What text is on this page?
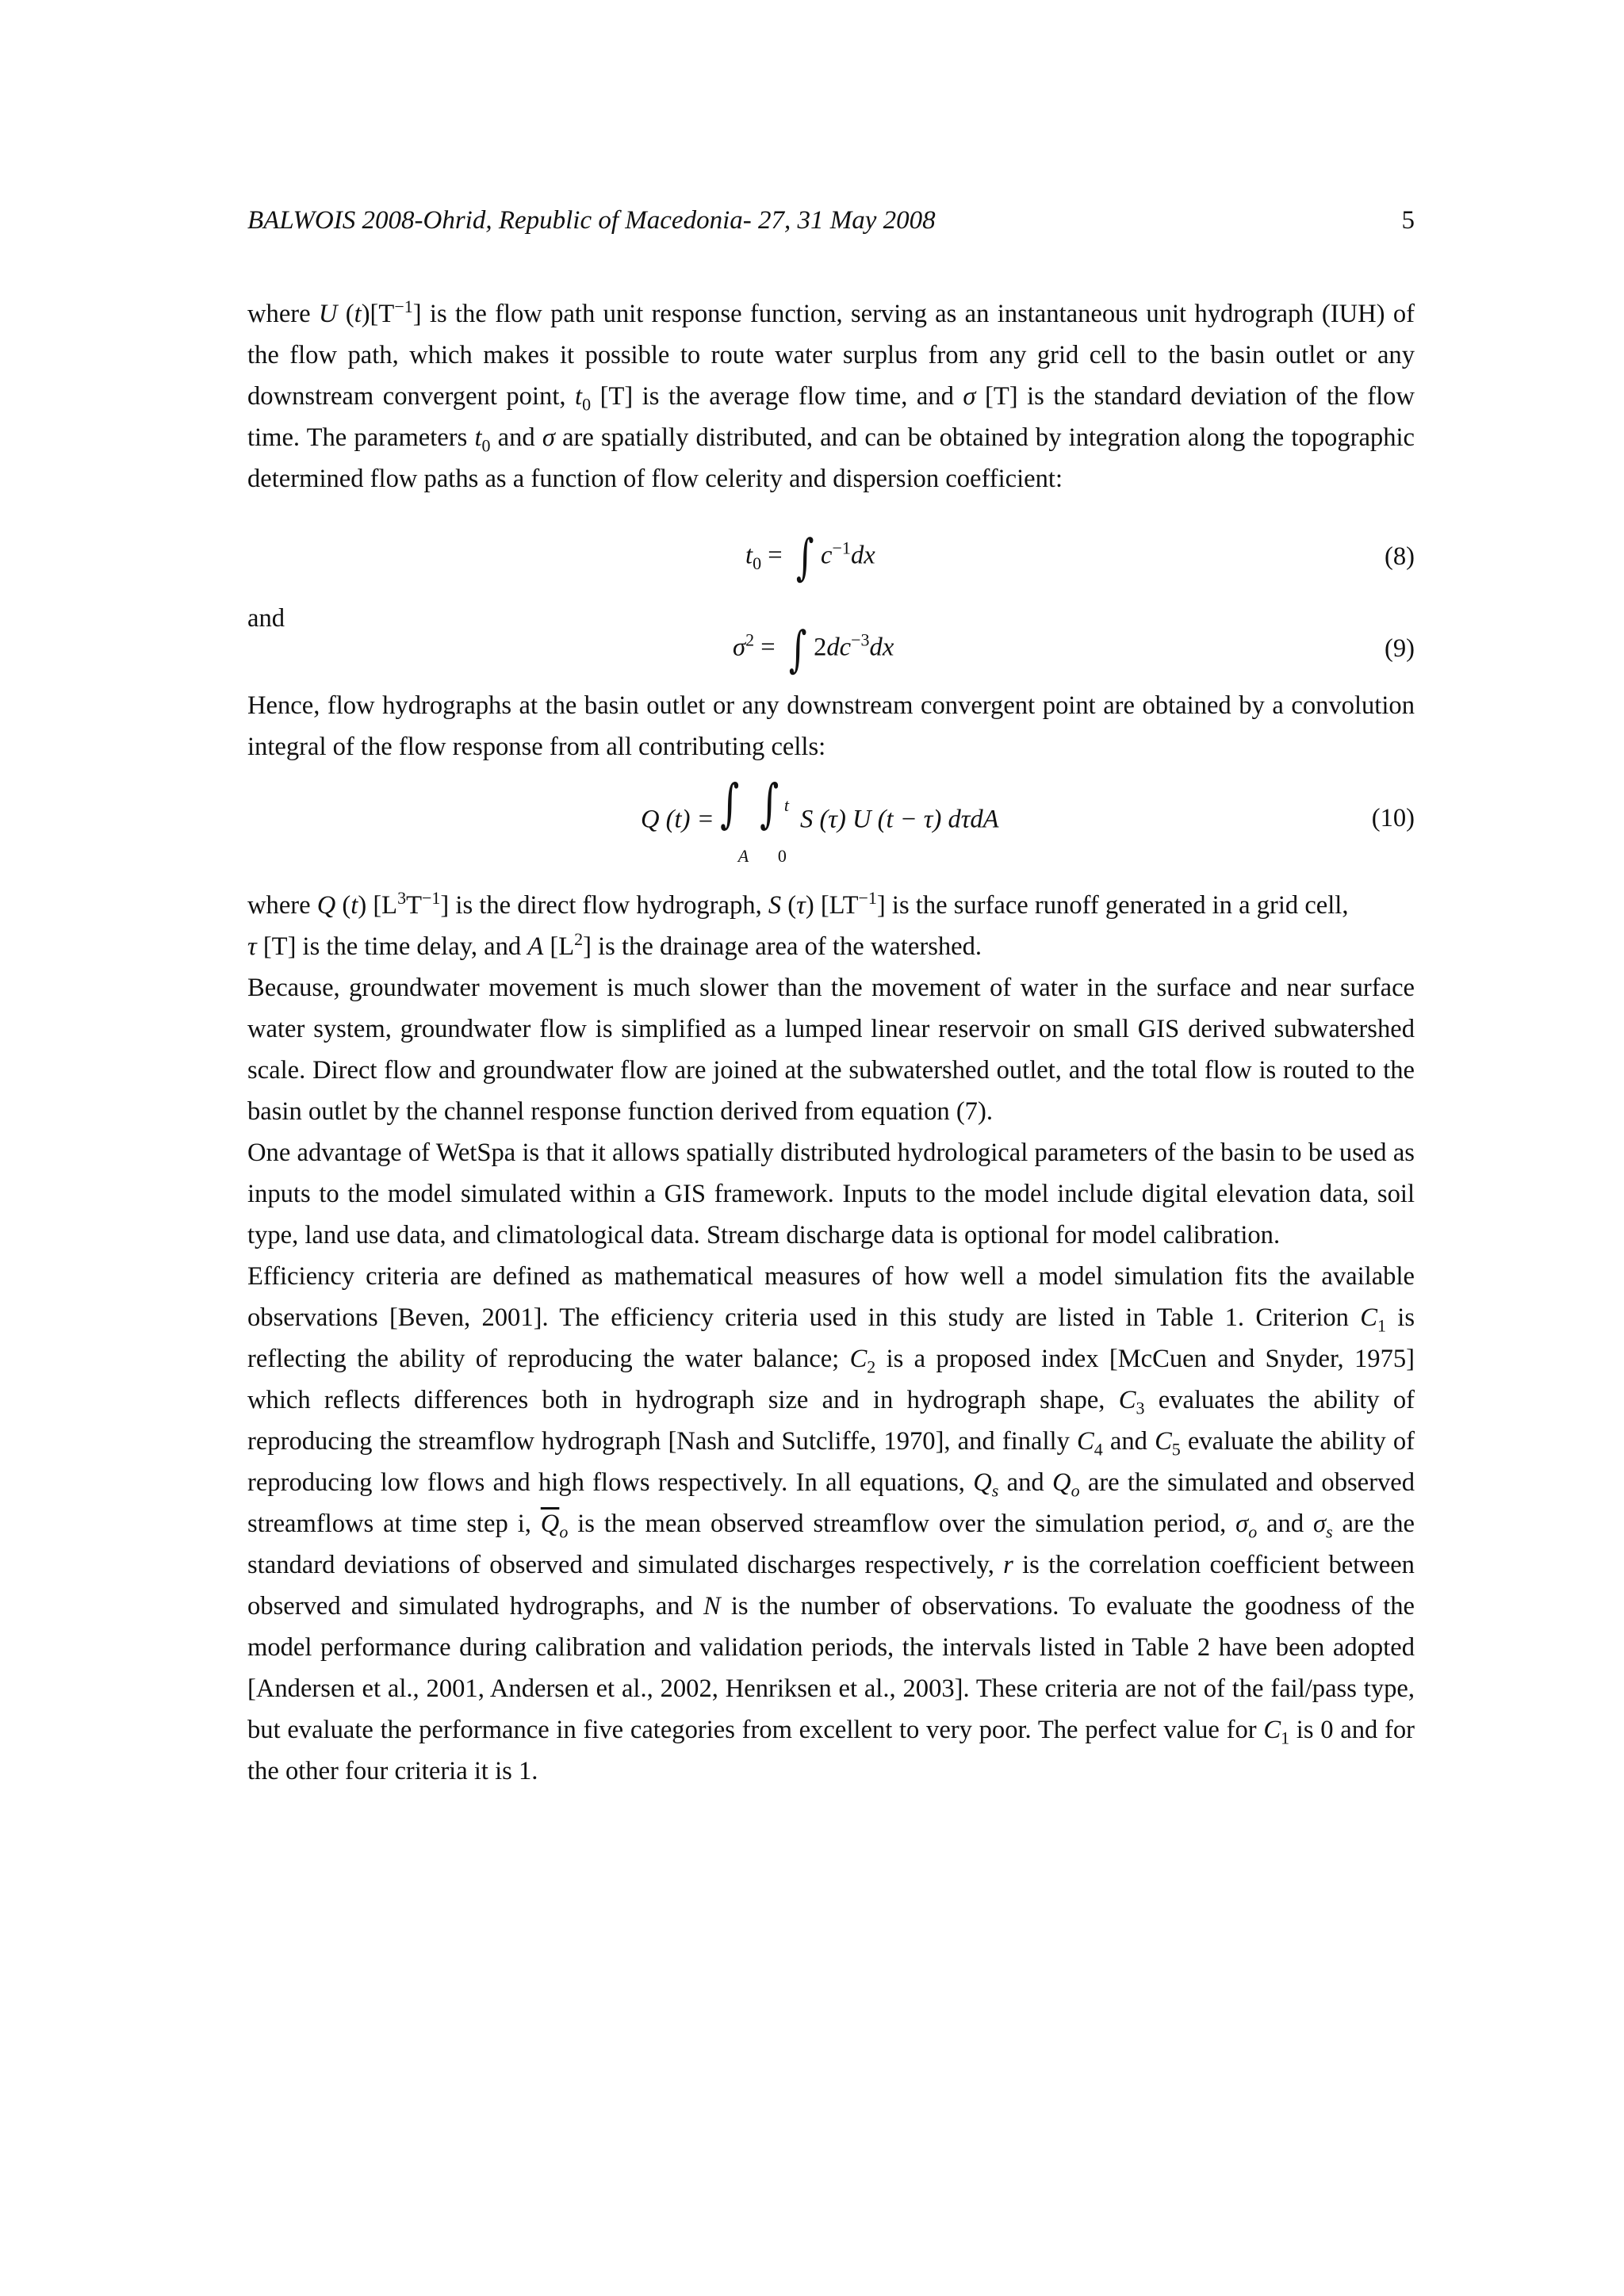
BALWOIS 2008-Ohrid, Republic of Macedonia- 27, 31 May 2008	5

where U $(t)[T^{-1}]$ is the flow path unit response function, serving as an instantaneous unit hydrograph (IUH) of the flow path, which makes it possible to route water surplus from any grid cell to the basin outlet or any downstream convergent point, $t_0$ [T] is the average flow time, and σ [T] is the standard deviation of the flow time. The parameters $t_0$ and σ are spatially distributed, and can be obtained by integration along the topographic determined flow paths as a function of flow celerity and dispersion coefficient:

$t_0$ = ∫ $c^{-1}dx$	(8)
and
$\sigma^2$ = ∫ $2dc^{-3}dx$	(9)

Hence, flow hydrographs at the basin outlet or any downstream convergent point are obtained by a convolution integral of the flow response from all contributing cells:

Q (t) = ∫
A

∫
0
t S (τ) U (t − τ) dτdA	(10)

where Q (t) $[L^3T^{-1}]$ is the direct flow hydrograph, S (τ) $[LT^{-1}]$ is the surface runoff generated in a grid cell,
τ [T] is the time delay, and A $[L^2]$ is the drainage area of the watershed.

Because, groundwater movement is much slower than the movement of water in the surface and near surface water system, groundwater flow is simplified as a lumped linear reservoir on small GIS derived subwatershed scale. Direct flow and groundwater flow are joined at the subwatershed outlet, and the total flow is routed to the basin outlet by the channel response function derived from equation (7).

One advantage of WetSpa is that it allows spatially distributed hydrological parameters of the basin to be used as inputs to the model simulated within a GIS framework. Inputs to the model include digital elevation data, soil type, land use data, and climatological data. Stream discharge data is optional for model calibration.

Efficiency criteria are defined as mathematical measures of how well a model simulation fits the available observations [Beven, 2001]. The efficiency criteria used in this study are listed in Table 1. Criterion $C_1$ is reflecting the ability of reproducing the water balance; $C_2$ is a proposed index [McCuen and Snyder, 1975] which reflects differences both in hydrograph size and in hydrograph shape, $C_3$ evaluates the ability of reproducing the streamflow hydrograph [Nash and Sutcliffe, 1970], and finally $C_4$ and $C_5$ evaluate the ability of reproducing low flows and high flows respectively. In all equations, $Q_s$ and $Q_o$ are the simulated and observed streamflows at time step i, $\overline{Q}_o$ is the mean observed streamflow over the simulation period, $\sigma_o$ and $\sigma_s$ are the standard deviations of observed and simulated discharges respectively, r is the correlation coefficient between observed and simulated hydrographs, and N is the number of observations. To evaluate the goodness of the model performance during calibration and validation periods, the intervals listed in Table 2 have been adopted [Andersen et al., 2001, Andersen et al., 2002, Henriksen et al., 2003]. These criteria are not of the fail/pass type, but evaluate the performance in five categories from excellent to very poor. The perfect value for $C_1$ is 0 and for the other four criteria it is 1.
